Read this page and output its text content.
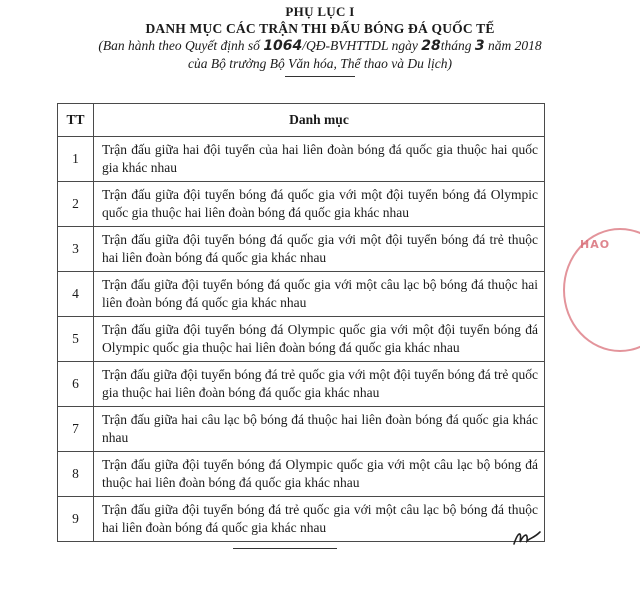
PHỤ LỤC I
DANH MỤC CÁC TRẬN THI ĐẤU BÓNG ĐÁ QUỐC TẾ
(Ban hành theo Quyết định số 1064/QĐ-BVHTTDL ngày 28tháng 3 năm 2018
của Bộ trưởng Bộ Văn hóa, Thể thao và Du lịch)
TT	Danh mục
1	Trận đấu giữa hai đội tuyển của hai liên đoàn bóng đá quốc gia thuộc hai quốc gia khác nhau
2	Trận đấu giữa đội tuyển bóng đá quốc gia với một đội tuyển bóng đá Olympic quốc gia thuộc hai liên đoàn bóng đá quốc gia khác nhau
3	Trận đấu giữa đội tuyển bóng đá quốc gia với một đội tuyển bóng đá trẻ thuộc hai liên đoàn bóng đá quốc gia khác nhau
4	Trận đấu giữa đội tuyển bóng đá quốc gia với một câu lạc bộ bóng đá thuộc hai liên đoàn bóng đá quốc gia khác nhau
5	Trận đấu giữa đội tuyển bóng đá Olympic quốc gia với một đội tuyển bóng đá Olympic quốc gia thuộc hai liên đoàn bóng đá quốc gia khác nhau
6	Trận đấu giữa đội tuyển bóng đá trẻ quốc gia với một đội tuyển bóng đá trẻ quốc gia thuộc hai liên đoàn bóng đá quốc gia khác nhau
7	Trận đấu giữa hai câu lạc bộ bóng đá thuộc hai liên đoàn bóng đá quốc gia khác nhau
8	Trận đấu giữa đội tuyển bóng đá Olympic quốc gia với một câu lạc bộ bóng đá thuộc hai liên đoàn bóng đá quốc gia khác nhau
9	Trận đấu giữa đội tuyển bóng đá trẻ quốc gia với một câu lạc bộ bóng đá thuộc hai liên đoàn bóng đá quốc gia khác nhau
HAO
